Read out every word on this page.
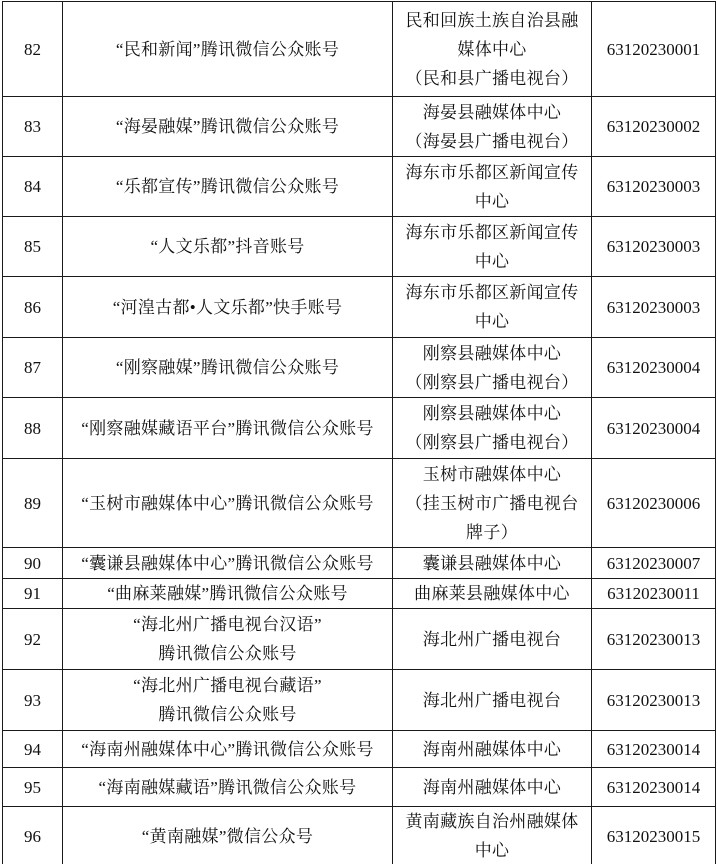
82	“民和新闻”腾讯微信公众账号	民和回族土族自治县融
媒体中心
（民和县广播电视台）	63120230001
83	“海晏融媒”腾讯微信公众账号	海晏县融媒体中心
（海晏县广播电视台）	63120230002
84	“乐都宣传”腾讯微信公众账号	海东市乐都区新闻宣传
中心	63120230003
85	“人文乐都”抖音账号	海东市乐都区新闻宣传
中心	63120230003
86	“河湟古都•人文乐都”快手账号	海东市乐都区新闻宣传
中心	63120230003
87	“刚察融媒”腾讯微信公众账号	刚察县融媒体中心
（刚察县广播电视台）	63120230004
88	“刚察融媒藏语平台”腾讯微信公众账号	刚察县融媒体中心
（刚察县广播电视台）	63120230004
89	“玉树市融媒体中心”腾讯微信公众账号	玉树市融媒体中心
（挂玉树市广播电视台
牌子）	63120230006
90	“囊谦县融媒体中心”腾讯微信公众账号	囊谦县融媒体中心	63120230007
91	“曲麻莱融媒”腾讯微信公众账号	曲麻莱县融媒体中心	63120230011
92	“海北州广播电视台汉语”
腾讯微信公众账号	海北州广播电视台	63120230013
93	“海北州广播电视台藏语”
腾讯微信公众账号	海北州广播电视台	63120230013
94	“海南州融媒体中心”腾讯微信公众账号	海南州融媒体中心	63120230014
95	“海南融媒藏语”腾讯微信公众账号	海南州融媒体中心	63120230014
96	“黄南融媒”微信公众号	黄南藏族自治州融媒体
中心	63120230015
